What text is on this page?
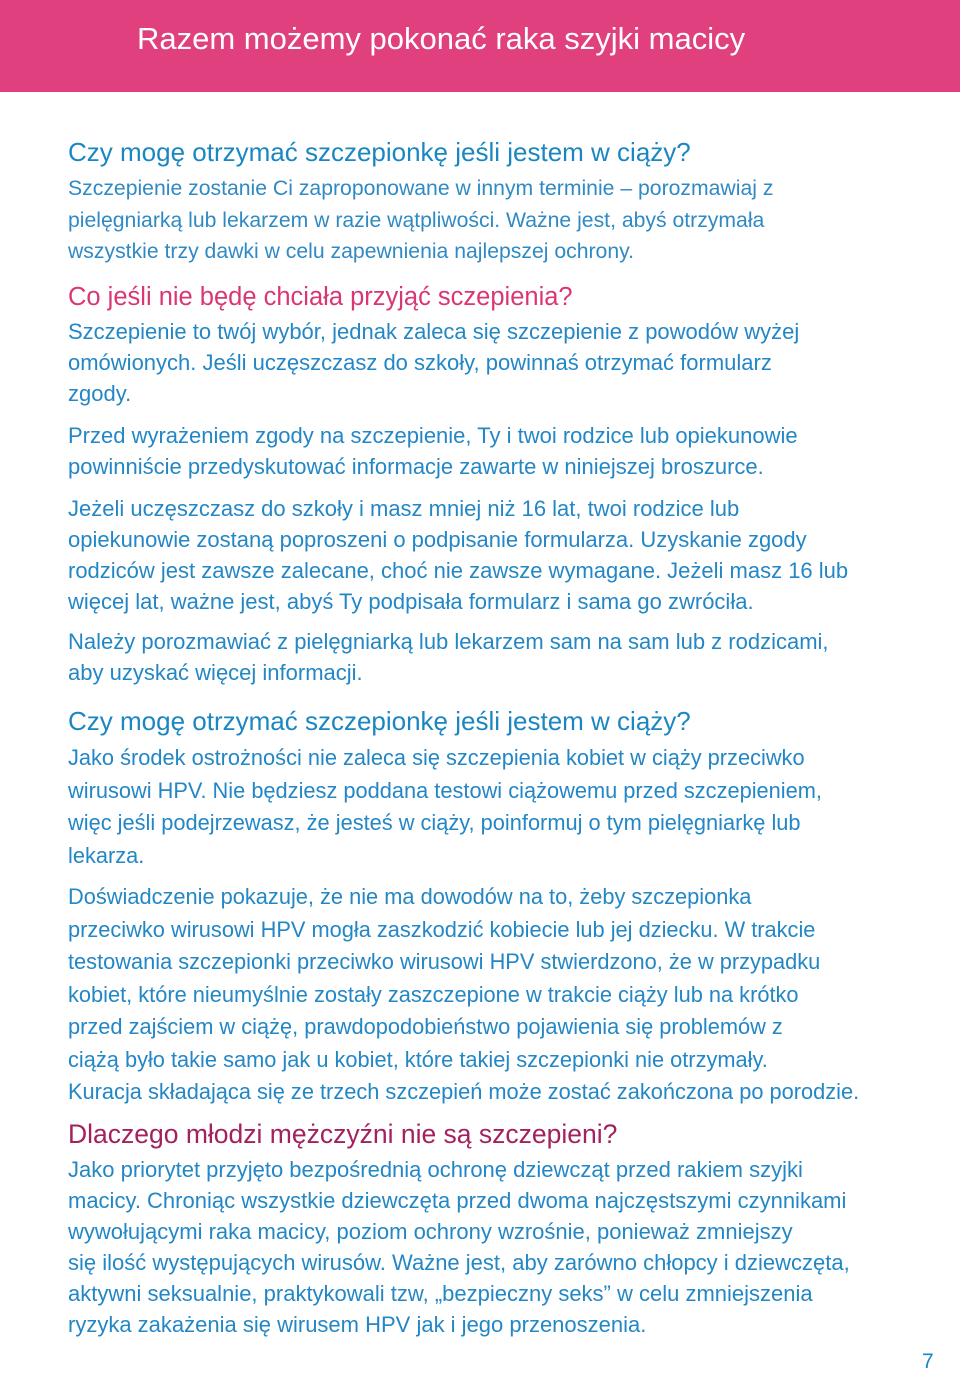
Razem możemy pokonać raka szyjki macicy
Czy mogę otrzymać szczepionkę jeśli jestem w ciąży?

Szczepienie zostanie Ci zaproponowane w innym terminie – porozmawiaj z
pielęgniarką lub lekarzem w razie wątpliwości. Ważne jest, abyś otrzymała
wszystkie trzy dawki w celu zapewnienia najlepszej ochrony.

Co jeśli nie będę chciała przyjąć sczepienia?

Szczepienie to twój wybór, jednak zaleca się szczepienie z powodów wyżej
omówionych. Jeśli uczęszczasz do szkoły, powinnaś otrzymać formularz
zgody.

Przed wyrażeniem zgody na szczepienie, Ty i twoi rodzice lub opiekunowie
powinniście przedyskutować informacje zawarte w niniejszej broszurce.

Jeżeli uczęszczasz do szkoły i masz mniej niż 16 lat, twoi rodzice lub
opiekunowie zostaną poproszeni o podpisanie formularza. Uzyskanie zgody
rodziców jest zawsze zalecane, choć nie zawsze wymagane. Jeżeli masz 16 lub
więcej lat, ważne jest, abyś Ty podpisała formularz i sama go zwróciła.

Należy porozmawiać z pielęgniarką lub lekarzem sam na sam lub z rodzicami,
aby uzyskać więcej informacji.

Czy mogę otrzymać szczepionkę jeśli jestem w ciąży?

Jako środek ostrożności nie zaleca się szczepienia kobiet w ciąży przeciwko
wirusowi HPV. Nie będziesz poddana testowi ciążowemu przed szczepieniem,
więc jeśli podejrzewasz, że jesteś w ciąży, poinformuj o tym pielęgniarkę lub
lekarza.

Doświadczenie pokazuje, że nie ma dowodów na to, żeby szczepionka
przeciwko wirusowi HPV mogła zaszkodzić kobiecie lub jej dziecku. W trakcie
testowania szczepionki przeciwko wirusowi HPV stwierdzono, że w przypadku
kobiet, które nieumyślnie zostały zaszczepione w trakcie ciąży lub na krótko
przed zajściem w ciążę, prawdopodobieństwo pojawienia się problemów z
ciążą było takie samo jak u kobiet, które takiej szczepionki nie otrzymały.
Kuracja składająca się ze trzech szczepień może zostać zakończona po porodzie.

Dlaczego młodzi mężczyźni nie są szczepieni?

Jako priorytet przyjęto bezpośrednią ochronę dziewcząt przed rakiem szyjki
macicy. Chroniąc wszystkie dziewczęta przed dwoma najczęstszymi czynnikami
wywołującymi raka macicy, poziom ochrony wzrośnie, ponieważ zmniejszy
się ilość występujących wirusów. Ważne jest, aby zarówno chłopcy i dziewczęta,
aktywni seksualnie, praktykowali tzw, „bezpieczny seks” w celu zmniejszenia
ryzyka zakażenia się wirusem HPV jak i jego przenoszenia.

7
